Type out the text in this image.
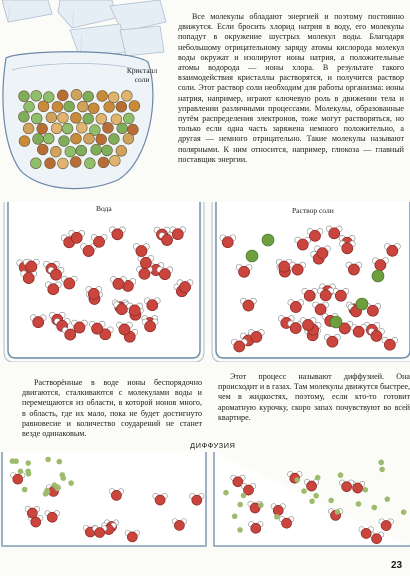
Кристалл соли

Все молекулы обладают энергией и поэтому постоянно движутся. Если бросить хлорид натрия в воду, его молекулы попадут в окружение шустрых молекул воды. Благодаря небольшому отрицательному заряду атомы кислорода молекул воды окружат и изолируют ионы натрия, а положительные атомы водорода — ионы хлора. В результате такого взаимодействия кристаллы растворятся, и получится раствор соли. Этот раствор соли необходим для работы организма: ионы натрия, например, играют ключевую роль в движении тела и управлении различными процессами. Молекулы, образованные путём распределения электронов, тоже могут растворяться, но только если одна часть заряжена немного положительно, а другая — немного отрицательно. Такие молекулы называют полярными. К ним относится, например, глюкоза — главный поставщик энергии.

Вода	Раствор соли

Растворённые в воде ионы беспорядочно двигаются, сталкиваются с молекулами воды и перемещаются из области, в которой ионов много, в область, где их мало, пока не будет достигнуто равновесие и количество соударений не станет везде одинаковым.

Этот процесс называют диффузией. Она происходит и в газах. Там молекулы движутся быстрее, чем в жидкостях, поэтому, если кто-то готовит ароматную курочку, скоро запах почувствуют во всей квартире.

ДИФФУЗИЯ
23
